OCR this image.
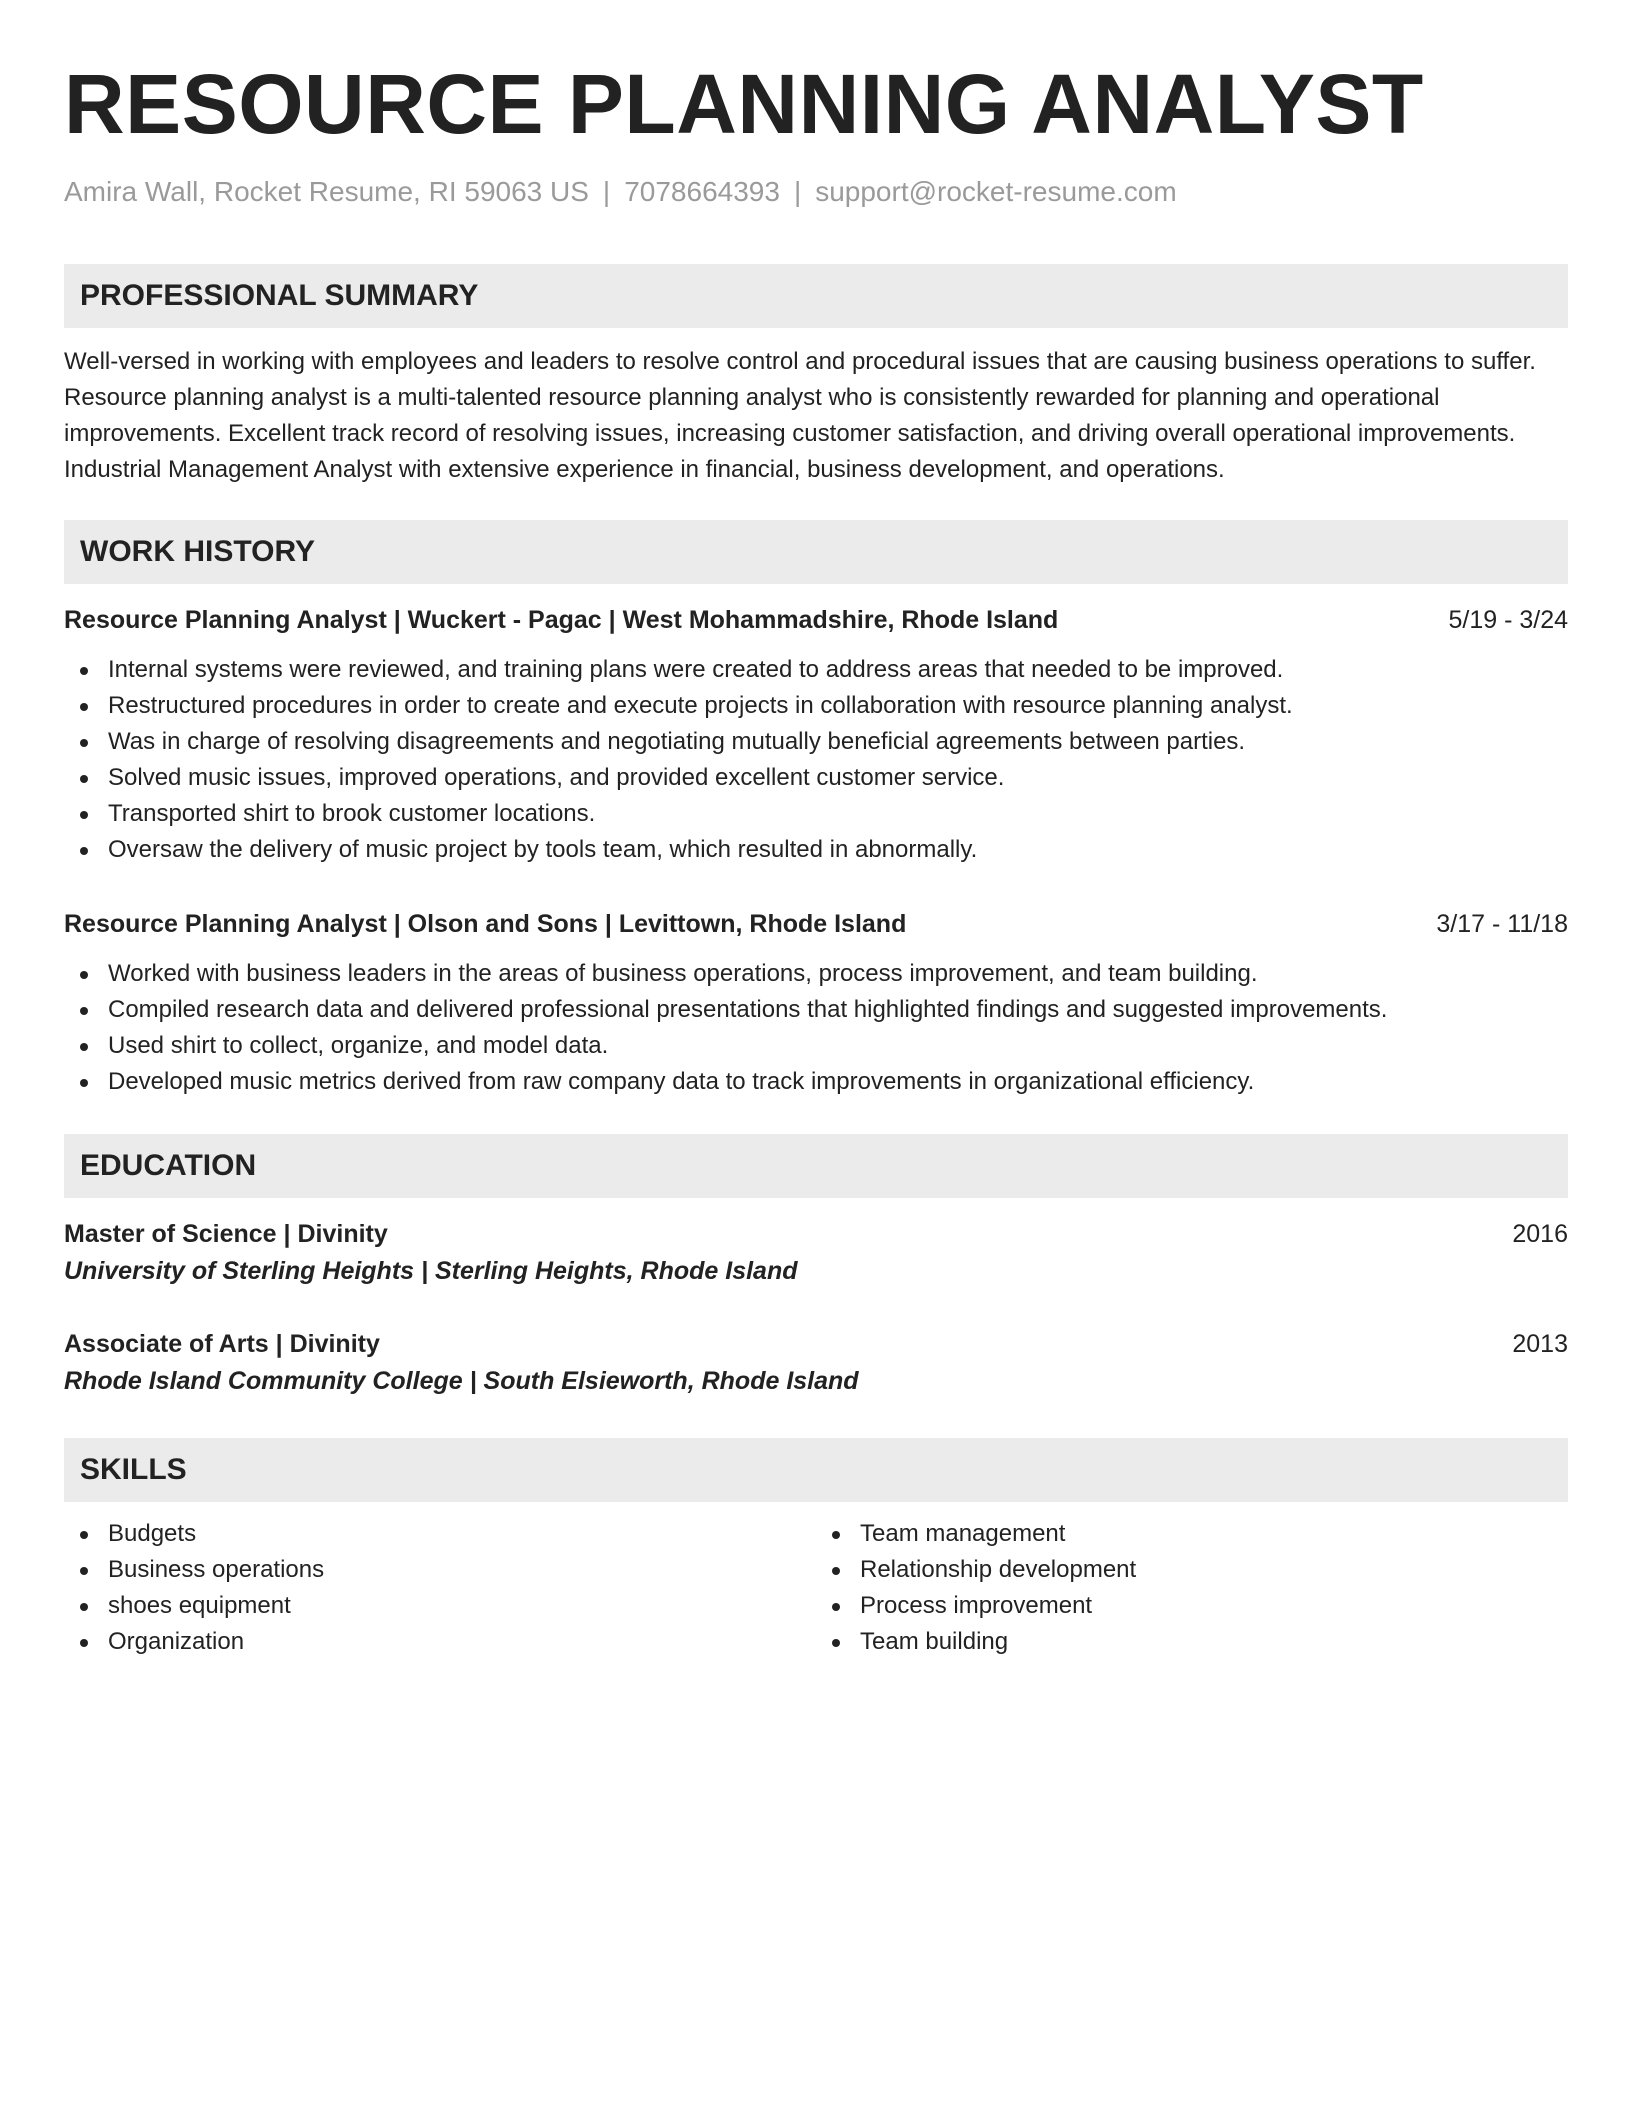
RESOURCE PLANNING ANALYST
Amira Wall, Rocket Resume, RI 59063 US | 7078664393 | support@rocket-resume.com
PROFESSIONAL SUMMARY

Well-versed in working with employees and leaders to resolve control and procedural issues that are causing business operations to suffer. Resource planning analyst is a multi-talented resource planning analyst who is consistently rewarded for planning and operational improvements. Excellent track record of resolving issues, increasing customer satisfaction, and driving overall operational improvements. Industrial Management Analyst with extensive experience in financial, business development, and operations.

WORK HISTORY
Resource Planning Analyst | Wuckert - Pagac | West Mohammadshire, Rhode Island	5/19 - 3/24
Internal systems were reviewed, and training plans were created to address areas that needed to be improved.
Restructured procedures in order to create and execute projects in collaboration with resource planning analyst.
Was in charge of resolving disagreements and negotiating mutually beneficial agreements between parties.
Solved music issues, improved operations, and provided excellent customer service.
Transported shirt to brook customer locations.
Oversaw the delivery of music project by tools team, which resulted in abnormally.
Resource Planning Analyst | Olson and Sons | Levittown, Rhode Island	3/17 - 11/18
Worked with business leaders in the areas of business operations, process improvement, and team building.
Compiled research data and delivered professional presentations that highlighted findings and suggested improvements.
Used shirt to collect, organize, and model data.
Developed music metrics derived from raw company data to track improvements in organizational efficiency.
EDUCATION
Master of Science | Divinity	2016
University of Sterling Heights | Sterling Heights, Rhode Island
Associate of Arts | Divinity	2013
Rhode Island Community College | South Elsieworth, Rhode Island
SKILLS
Budgets
Business operations
shoes equipment
Organization
Team management
Relationship development
Process improvement
Team building
